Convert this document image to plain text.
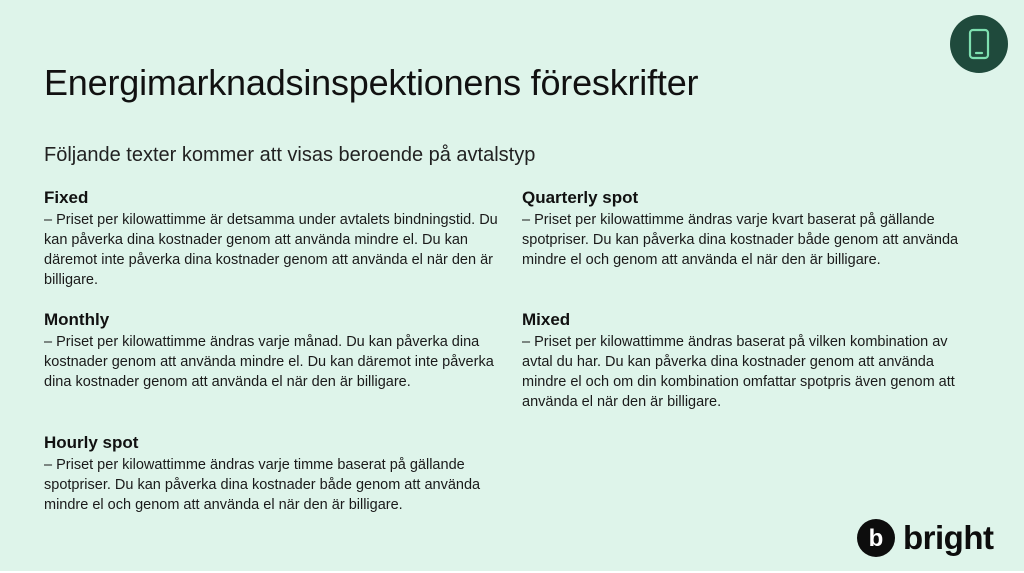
Energimarknadsinspektionens föreskrifter

Följande texter kommer att visas beroende på avtalstyp

Fixed
– Priset per kilowattimme är detsamma under avtalets bindningstid. Du kan påverka dina kostnader genom att använda mindre el. Du kan däremot inte påverka dina kostnader genom att använda el när den är billigare.
Monthly
– Priset per kilowattimme ändras varje månad. Du kan påverka dina kostnader genom att använda mindre el. Du kan däremot inte påverka dina kostnader genom att använda el när den är billigare.
Hourly spot
– Priset per kilowattimme ändras varje timme baserat på gällande spotpriser. Du kan påverka dina kostnader både genom att använda mindre el och genom att använda el när den är billigare.
Quarterly spot
– Priset per kilowattimme ändras varje kvart baserat på gällande spotpriser. Du kan påverka dina kostnader både genom att använda mindre el och genom att använda el när den är billigare.
Mixed
– Priset per kilowattimme ändras baserat på vilken kombination av avtal du har. Du kan påverka dina kostnader genom att använda mindre el och om din kombination omfattar spotpris även genom att använda el när den är billigare.
b bright
